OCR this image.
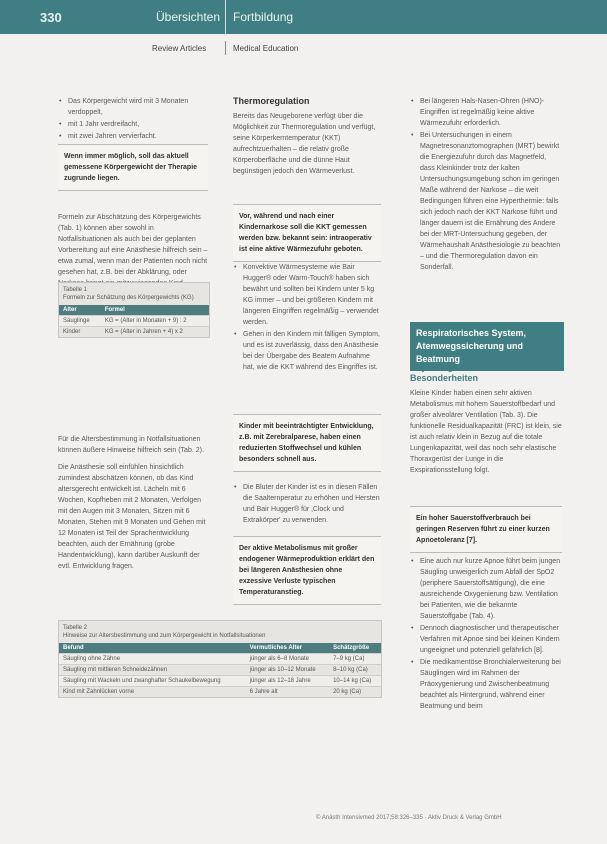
330	Übersichten Fortbildung
Review Articles	Medical Education
• Das Körpergewicht wird mit 3 Monaten verdoppelt,
• mit 1 Jahr verdreifacht,
• mit zwei Jahren vervierfacht.
Wenn immer möglich, soll das aktuell gemessene Körpergewicht der Therapie zugrunde liegen.

Formeln zur Abschätzung des Körpergewichts (Tab. 1) können aber sowohl in Notfallsituationen als auch bei der geplanten Vorbereitung auf eine Anästhesie hilfreich sein – etwa zumal, wenn man der Patienten noch nicht gesehen hat, z.B. bei der Abklärung, oder

Tabelle 1
Formeln zur Schätzung des Körpergewichts (KG)
Alter	Formel
Säuglinge	KG = (Alter in Monaten + 9) : 2
Kinder	KG = (Alter in Jahren + 4) x 2

Für die Altersbestimmung in Notfallsituationen können äußere Hinweise hilfreich sein (Tab. 2).

Die Anästhesie soll einfühlen hinsichtlich zumindest abschätzen können, ob das Kind altersgerecht entwickelt ist. Lächeln mit 6 Wochen, Kopfheben mit 2 Monaten, Verfolgen mit den Augen mit 3 Monaten, Sitzen mit 6 Monaten, Stehen mit 9 Monaten und Gehen mit 12 Monaten ist Teil der Sprachentwicklung beachten, auch der Ernährung (grobe Handentwicklung), kann darüber Auskunft der evtl. Entwicklung fragen.

Thermoregulation

Bereits das Neugeborene verfügt über die Möglichkeit zur Thermoregulation und verfügt, seine Körperkerntemperatur (KKT) aufrechtzuerhalten – die relativ große Körperoberfläche und die dünne Haut begünstigen jedoch den Wärmeverlust.

Vor, während und nach einer Kindernarkose soll die KKT gemessen werden bzw. bekannt sein: intraoperativ ist eine aktive Wärmezufuhr geboten.
• Konvektive Wärmesysteme wie Bair Hugger® oder Warm-Touch® haben sich bewährt und sollten bei Kindern unter 5 kg KG immer – und bei größeren Kindern mit längeren Eingriffen regelmäßig – verwendet werden.
• Gehen in den Kindern mit fälligen Symptom, und es ist zuverlässig, dass den Anästhesie bei der Übergabe des Beatem Aufnahme hat, wie die KKT während des Eingriffes ist.
Kinder mit beeinträchtigter Entwicklung, z.B. mit Zerebralparese, haben einen reduzierten Stoffwechsel und kühlen besonders schnell aus.
• Die Bluter der Kinder ist es in diesen Fällen die Saalternperatur zu erhöhen und Hersten und Bair Hugger® für ‚Clock und Extrakörper' zu verwenden.
Der aktive Metabolismus mit großer endogener Wärmeproduktion erklärt den bei längeren Anästhesien ohne exzessive Verluste typischen Temperaturanstieg.
Tabelle 2
Hinweise zur Altersbestimmung und zum Körpergewicht in Notfallsituationen
Befund	Vermutliches Alter	Schätzgröße
Säugling ohne Zähne	jünger als 6–8 Monate	7–9 kg (Ca)
Säugling mit mittleren Schneidezähnen	jünger als 10–12 Monate	8–10 kg (Ca)
Säugling mit Wackeln und zwanghafter Schaukelbewegung	jünger als 12–18 Jahre	10–14 kg (Ca)
Kind mit Zahnlücken vorne	6 Jahre alt	20 kg (Ca)
• Bei längeren Hals-Nasen-Ohren (HNO)-Eingriffen ist regelmäßig keine aktive Wärmezufuhr erforderlich.
• Bei Untersuchungen in einem Magnetresonanztomographen (MRT) bewirkt die Energiezufuhr durch das Magnetfeld, dass Kleinkinder trotz der kalten Untersuchungsumgebung schon im geringen Maße während der Narkose – die weit Bedingungen führen eine Hyperthermie: falls sich jedoch nach der KKT Narkose führt und länger dauern ist die Ernährung des Andere bei der MRT-Untersuchung gegeben, der Wärmehaushalt Anästhesiologie zu beachten – und die Thermoregulation davon ein Sonderfall.
Respiratorisches System, Atemwegssicherung und Beatmung
Physiologische und anatomische Besonderheiten

Kleine Kinder haben einen sehr aktiven Metabolismus mit hohem Sauerstoffbedarf und großer alveolärer Ventilation (Tab. 3). Die funktionelle Residualkapazität (FRC) ist klein, sie ist auch relativ klein in Bezug auf die totale Lungenkapazität, weil das noch sehr elastische Thoraxgerüst der Lunge in die Exspirationsstellung folgt.

Ein hoher Sauerstoffverbrauch bei geringen Reserven führt zu einer kurzen Apnoetoleranz [7].
• Eine auch nur kurze Apnoe führt beim jungen Säugling unweigerlich zum Abfall der SpO2 (periphere Sauerstoffsättigung), die eine ausreichende Oxygenierung bzw. Ventilation bei Patienten, wie die bekannte Sauerstoffgabe (Tab. 4).
• Dennoch diagnostischer und therapeutischer Verfahren mit Apnoe sind bei kleinen Kindern ungeeignet und potenziell gefährlich [8].
• Die medikamentöse Bronchialerweiterung bei Säuglingen wird im Rahmen der Präoxygenierung und Zwischenbeatmung beachtet als Hintergrund, während einer Beatmung und beim
© Anästh Intensivmed 2017;58:326–335 · Aktiv Druck & Verlag GmbH
